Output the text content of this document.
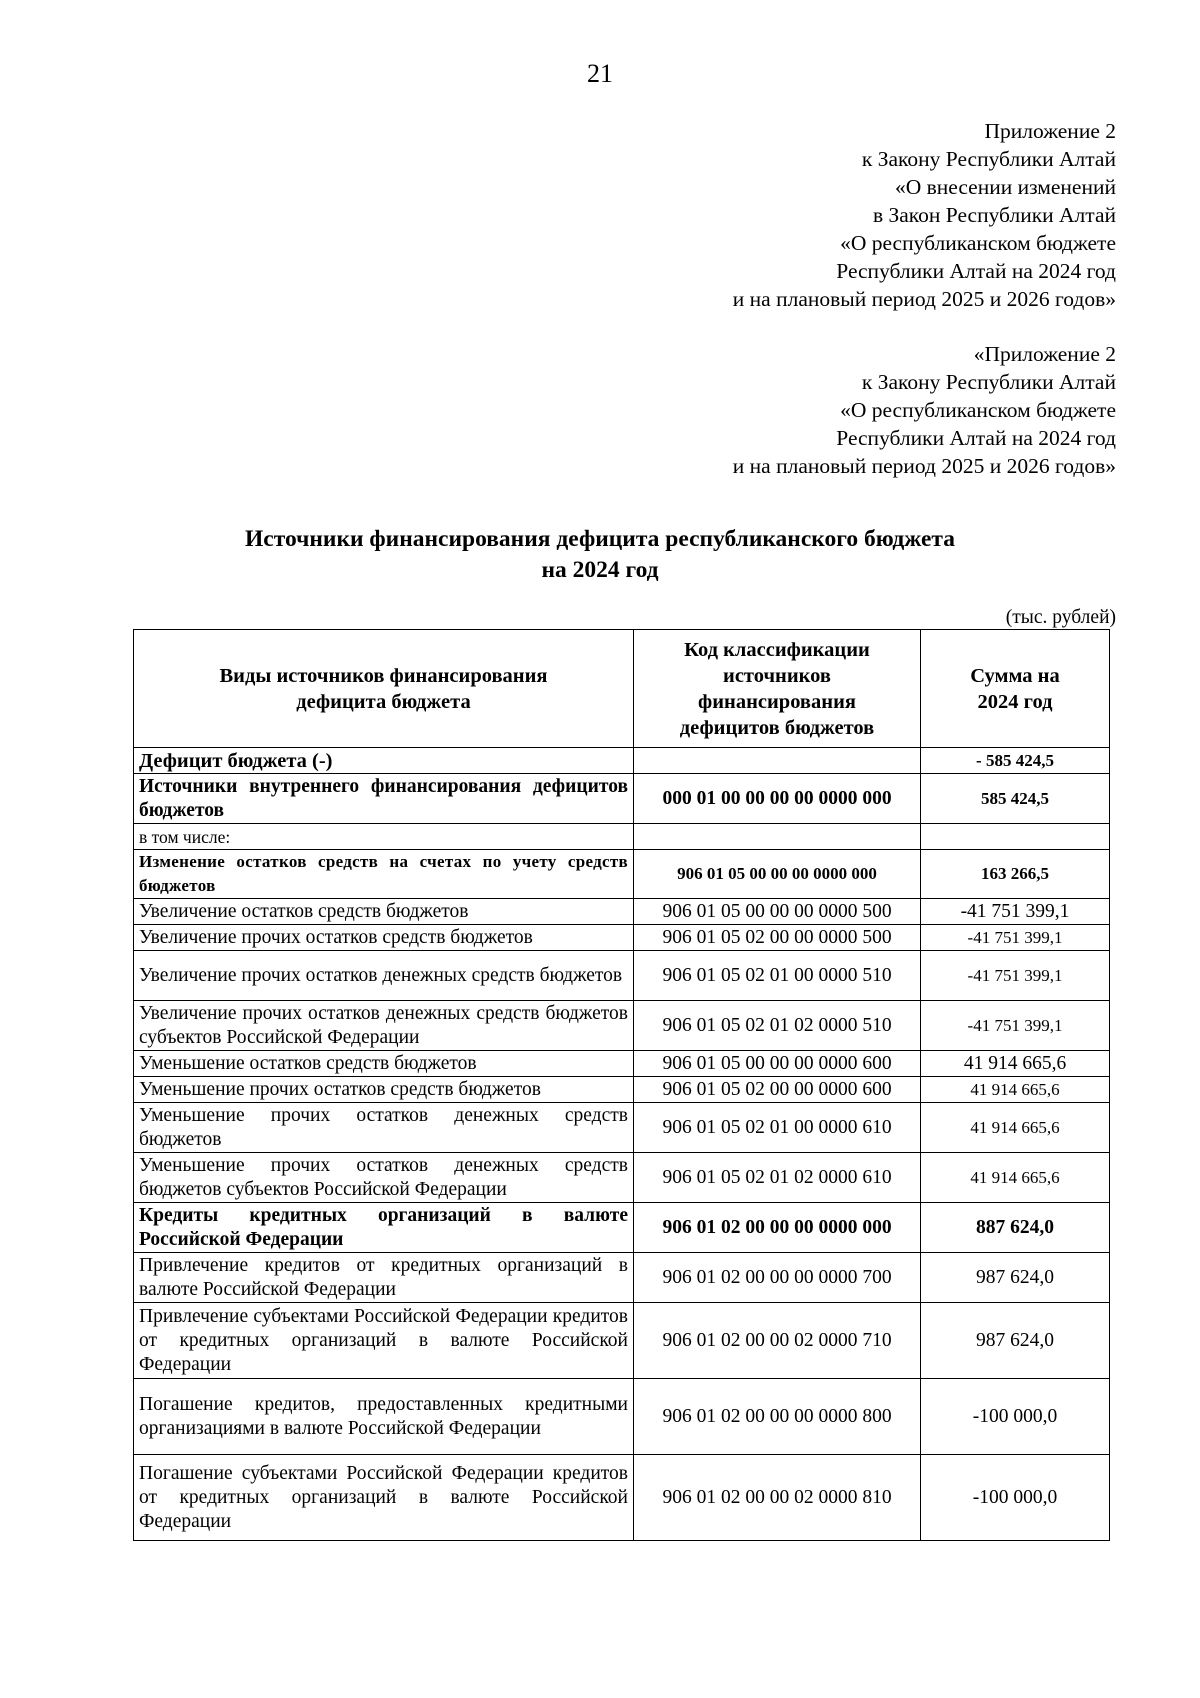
21
Приложение 2
к Закону Республики Алтай
«О внесении изменений
в Закон Республики Алтай
«О республиканском бюджете
Республики Алтай на 2024 год
и на плановый период 2025 и 2026 годов»
«Приложение 2
к Закону Республики Алтай
«О республиканском бюджете
Республики Алтай на 2024 год
и на плановый период 2025 и 2026 годов»
Источники финансирования дефицита республиканского бюджета
на 2024 год
(тыс. рублей)
Виды источников финансирования дефицита бюджета	Код классификации источников финансирования дефицитов бюджетов	Сумма на 2024 год
Дефицит бюджета (-)		- 585 424,5
Источники внутреннего финансирования дефицитов бюджетов	000 01 00 00 00 00 0000 000	585 424,5
в том числе:		
Изменение остатков средств на счетах по учету средств бюджетов	906 01 05 00 00 00 0000 000	163 266,5
Увеличение остатков средств бюджетов	906 01 05 00 00 00 0000 500	-41 751 399,1
Увеличение прочих остатков средств бюджетов	906 01 05 02 00 00 0000 500	-41 751 399,1
Увеличение прочих остатков денежных средств бюджетов	906 01 05 02 01 00 0000 510	-41 751 399,1
Увеличение прочих остатков денежных средств бюджетов субъектов Российской Федерации	906 01 05 02 01 02 0000 510	-41 751 399,1
Уменьшение остатков средств бюджетов	906 01 05 00 00 00 0000 600	41 914 665,6
Уменьшение прочих остатков средств бюджетов	906 01 05 02 00 00 0000 600	41 914 665,6
Уменьшение прочих остатков денежных средств бюджетов	906 01 05 02 01 00 0000 610	41 914 665,6
Уменьшение прочих остатков денежных средств бюджетов субъектов Российской Федерации	906 01 05 02 01 02 0000 610	41 914 665,6
Кредиты кредитных организаций в валюте Российской Федерации	906 01 02 00 00 00 0000 000	887 624,0
Привлечение кредитов от кредитных организаций в валюте Российской Федерации	906 01 02 00 00 00 0000 700	987 624,0
Привлечение субъектами Российской Федерации кредитов от кредитных организаций в валюте Российской Федерации	906 01 02 00 00 02 0000 710	987 624,0
Погашение кредитов, предоставленных кредитными организациями в валюте Российской Федерации	906 01 02 00 00 00 0000 800	-100 000,0
Погашение субъектами Российской Федерации кредитов от кредитных организаций в валюте Российской Федерации	906 01 02 00 00 02 0000 810	-100 000,0
